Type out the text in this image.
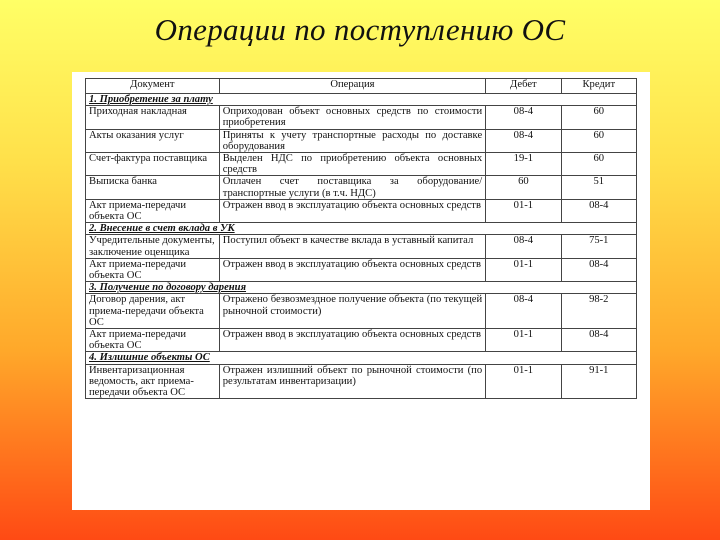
Операции по поступлению ОС
Документ	Операция	Дебет	Кредит
1. Приобретение за плату			
Приходная накладная	Оприходован объект основных средств по стоимости приобретения	08-4	60
Акты оказания услуг	Приняты к учету транспортные расходы по доставке оборудования	08-4	60
Счет-фактура поставщика	Выделен НДС по приобретению объекта основных средств	19-1	60
Выписка банка	Оплачен счет поставщика за оборудование/транспортные услуги (в т.ч. НДС)	60	51
Акт приема-передачи объекта ОС	Отражен ввод в эксплуатацию объекта основных средств	01-1	08-4
2. Внесение в счет вклада в УК			
Учредительные документы, заключение оценщика	Поступил объект в качестве вклада в уставный капитал	08-4	75-1
Акт приема-передачи объекта ОС	Отражен ввод в эксплуатацию объекта основных средств	01-1	08-4
3. Получение по договору дарения			
Договор дарения, акт приема-передачи объекта ОС	Отражено безвозмездное получение объекта (по текущей рыночной стоимости)	08-4	98-2
Акт приема-передачи объекта ОС	Отражен ввод в эксплуатацию объекта основных средств	01-1	08-4
4. Излишние объекты ОС			
Инвентаризационная ведомость, акт приема-передачи объекта ОС	Отражен излишний объект по рыночной стоимости (по результатам инвентаризации)	01-1	91-1
